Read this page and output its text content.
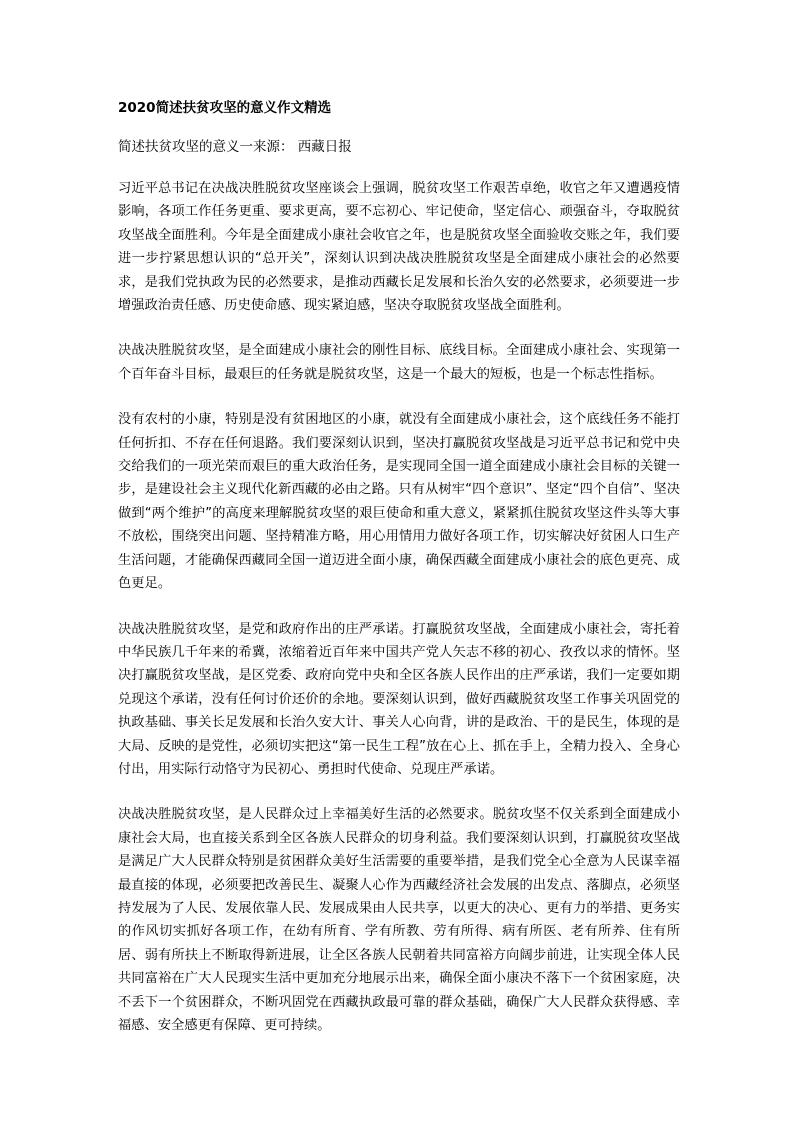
2020简述扶贫攻坚的意义作文精选
简述扶贫攻坚的意义一来源： 西藏日报
习近平总书记在决战决胜脱贫攻坚座谈会上强调，脱贫攻坚工作艰苦卓绝，收官之年又遭遇疫情影响，各项工作任务更重、要求更高，要不忘初心、牢记使命，坚定信心、顽强奋斗，夺取脱贫攻坚战全面胜利。今年是全面建成小康社会收官之年，也是脱贫攻坚全面验收交账之年，我们要进一步拧紧思想认识的“总开关”，深刻认识到决战决胜脱贫攻坚是全面建成小康社会的必然要求，是我们党执政为民的必然要求，是推动西藏长足发展和长治久安的必然要求，必须要进一步增强政治责任感、历史使命感、现实紧迫感，坚决夺取脱贫攻坚战全面胜利。
决战决胜脱贫攻坚，是全面建成小康社会的刚性目标、底线目标。全面建成小康社会、实现第一个百年奋斗目标，最艰巨的任务就是脱贫攻坚，这是一个最大的短板，也是一个标志性指标。
没有农村的小康，特别是没有贫困地区的小康，就没有全面建成小康社会，这个底线任务不能打任何折扣、不存在任何退路。我们要深刻认识到，坚决打赢脱贫攻坚战是习近平总书记和党中央交给我们的一项光荣而艰巨的重大政治任务，是实现同全国一道全面建成小康社会目标的关键一步，是建设社会主义现代化新西藏的必由之路。只有从树牢“四个意识”、坚定“四个自信”、坚决做到“两个维护”的高度来理解脱贫攻坚的艰巨使命和重大意义，紧紧抓住脱贫攻坚这件头等大事不放松，围绕突出问题、坚持精准方略，用心用情用力做好各项工作，切实解决好贫困人口生产生活问题，才能确保西藏同全国一道迈进全面小康，确保西藏全面建成小康社会的底色更亮、成色更足。
决战决胜脱贫攻坚，是党和政府作出的庄严承诺。打赢脱贫攻坚战，全面建成小康社会，寄托着中华民族几千年来的希冀，浓缩着近百年来中国共产党人矢志不移的初心、孜孜以求的情怀。坚决打赢脱贫攻坚战，是区党委、政府向党中央和全区各族人民作出的庄严承诺，我们一定要如期兑现这个承诺，没有任何讨价还价的余地。要深刻认识到，做好西藏脱贫攻坚工作事关巩固党的执政基础、事关长足发展和长治久安大计、事关人心向背，讲的是政治、干的是民生，体现的是大局、反映的是党性，必须切实把这“第一民生工程”放在心上、抓在手上，全精力投入、全身心付出，用实际行动恪守为民初心、勇担时代使命、兑现庄严承诺。
决战决胜脱贫攻坚，是人民群众过上幸福美好生活的必然要求。脱贫攻坚不仅关系到全面建成小康社会大局，也直接关系到全区各族人民群众的切身利益。我们要深刻认识到，打赢脱贫攻坚战是满足广大人民群众特别是贫困群众美好生活需要的重要举措，是我们党全心全意为人民谋幸福最直接的体现，必须要把改善民生、凝聚人心作为西藏经济社会发展的出发点、落脚点，必须坚持发展为了人民、发展依靠人民、发展成果由人民共享，以更大的决心、更有力的举措、更务实的作风切实抓好各项工作，在幼有所育、学有所教、劳有所得、病有所医、老有所养、住有所居、弱有所扶上不断取得新进展，让全区各族人民朝着共同富裕方向阔步前进，让实现全体人民共同富裕在广大人民现实生活中更加充分地展示出来，确保全面小康决不落下一个贫困家庭，决不丢下一个贫困群众，不断巩固党在西藏执政最可靠的群众基础，确保广大人民群众获得感、幸福感、安全感更有保障、更可持续。
